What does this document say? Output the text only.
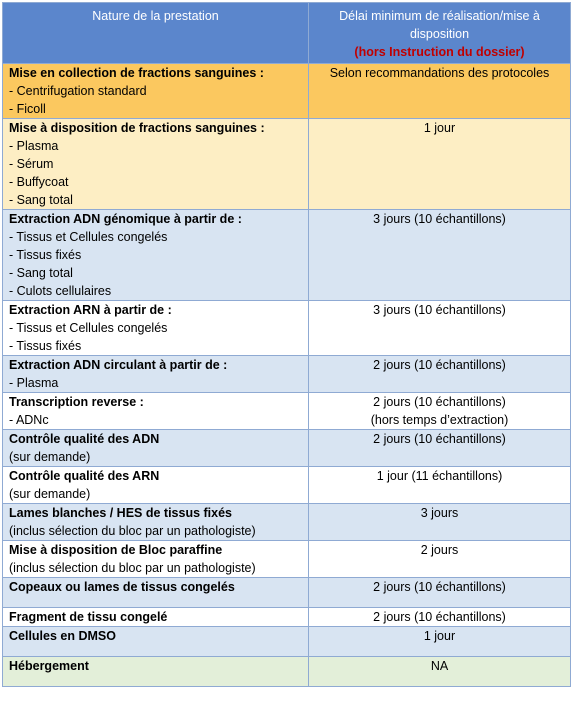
Nature de la prestation	Délai minimum de réalisation/mise à
disposition
(hors Instruction du dossier)

Mise en collection de fractions sanguines :
- Centrifugation standard
- Ficoll	Selon recommandations des protocoles

Mise à disposition de fractions sanguines :
- Plasma
- Sérum
- Buffycoat
- Sang total	1 jour

Extraction ADN génomique à partir de :
- Tissus et Cellules congelés
- Tissus fixés
- Sang total
- Culots cellulaires	3 jours (10 échantillons)

Extraction ARN à partir de :
- Tissus et Cellules congelés
- Tissus fixés	3 jours (10 échantillons)

Extraction ADN circulant à partir de :
- Plasma	2 jours (10 échantillons)

Transcription reverse :
- ADNc	2 jours (10 échantillons)
(hors temps d’extraction)

Contrôle qualité des ADN
(sur demande)	2 jours (10 échantillons)

Contrôle qualité des ARN
(sur demande)	1 jour (11 échantillons)

Lames blanches / HES de tissus fixés
(inclus sélection du bloc par un pathologiste)	3 jours

Mise à disposition de Bloc paraffine
(inclus sélection du bloc par un pathologiste)	2 jours

Copeaux ou lames de tissus congelés	2 jours (10 échantillons)

Fragment de tissu congelé	2 jours (10 échantillons)

Cellules en DMSO	1 jour

Hébergement	NA
